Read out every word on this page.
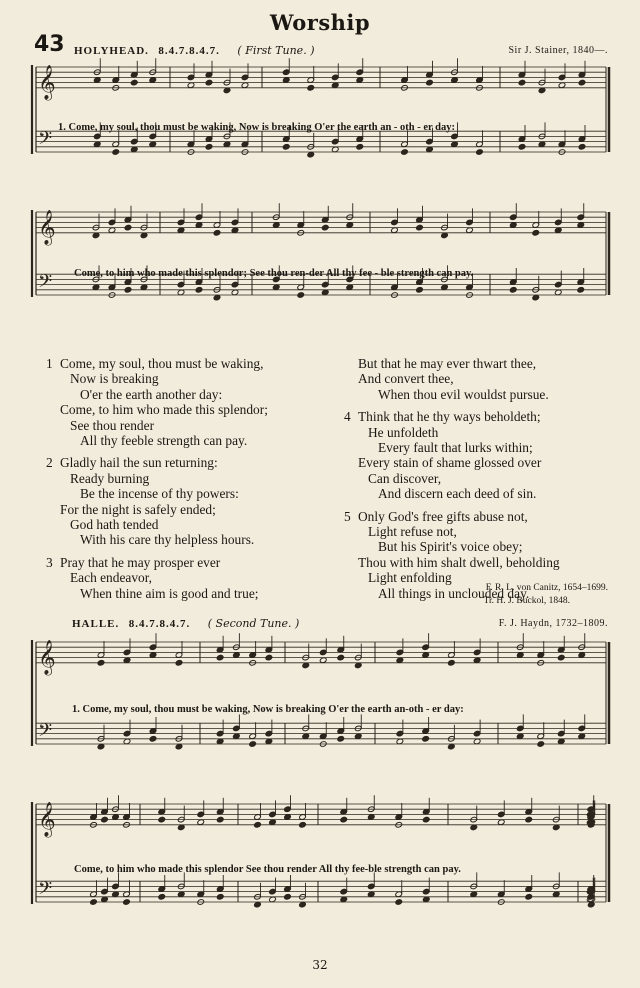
Worship
43 HOLYHEAD. 8.4.7.8.4.7. ( First Tune. )	Sir J. Stainer, 1840—.
𝄞
𝄢
1. Come, my soul, thou must be waking, Now is breaking O'er the earth an - oth - er day:
𝄞
𝄢 Come, to him who made this splendor; See thou ren-der All thy fee - ble strength can pay.
1 Come, my soul, thou must be waking,
Now is breaking
O'er the earth another day:
Come, to him who made this splendor;
See thou render
All thy feeble strength can pay.
2 Gladly hail the sun returning:
Ready burning
Be the incense of thy powers:
For the night is safely ended;
God hath tended
With his care thy helpless hours.
3 Pray that he may prosper ever
Each endeavor,
When thine aim is good and true;
But that he may ever thwart thee,
And convert thee,
When thou evil wouldst pursue.
4 Think that he thy ways beholdeth;
He unfoldeth
Every fault that lurks within;
Every stain of shame glossed over
Can discover,
And discern each deed of sin.
5 Only God's free gifts abuse not,
Light refuse not,
But his Spirit's voice obey;
Thou with him shalt dwell, beholding
Light enfolding
All things in unclouded day.
F. R. L. von Canitz, 1654–1699.
Tr. H. J. Buckol, 1848.
HALLE. 8.4.7.8.4.7. ( Second Tune. )	F. J. Haydn, 1732–1809.
𝄞
𝄢
1. Come, my soul, thou must be waking, Now is breaking O'er the earth an-oth - er day:
𝄞
𝄢
Come, to him who made this splendor See thou render All thy fee-ble strength can pay.
32
